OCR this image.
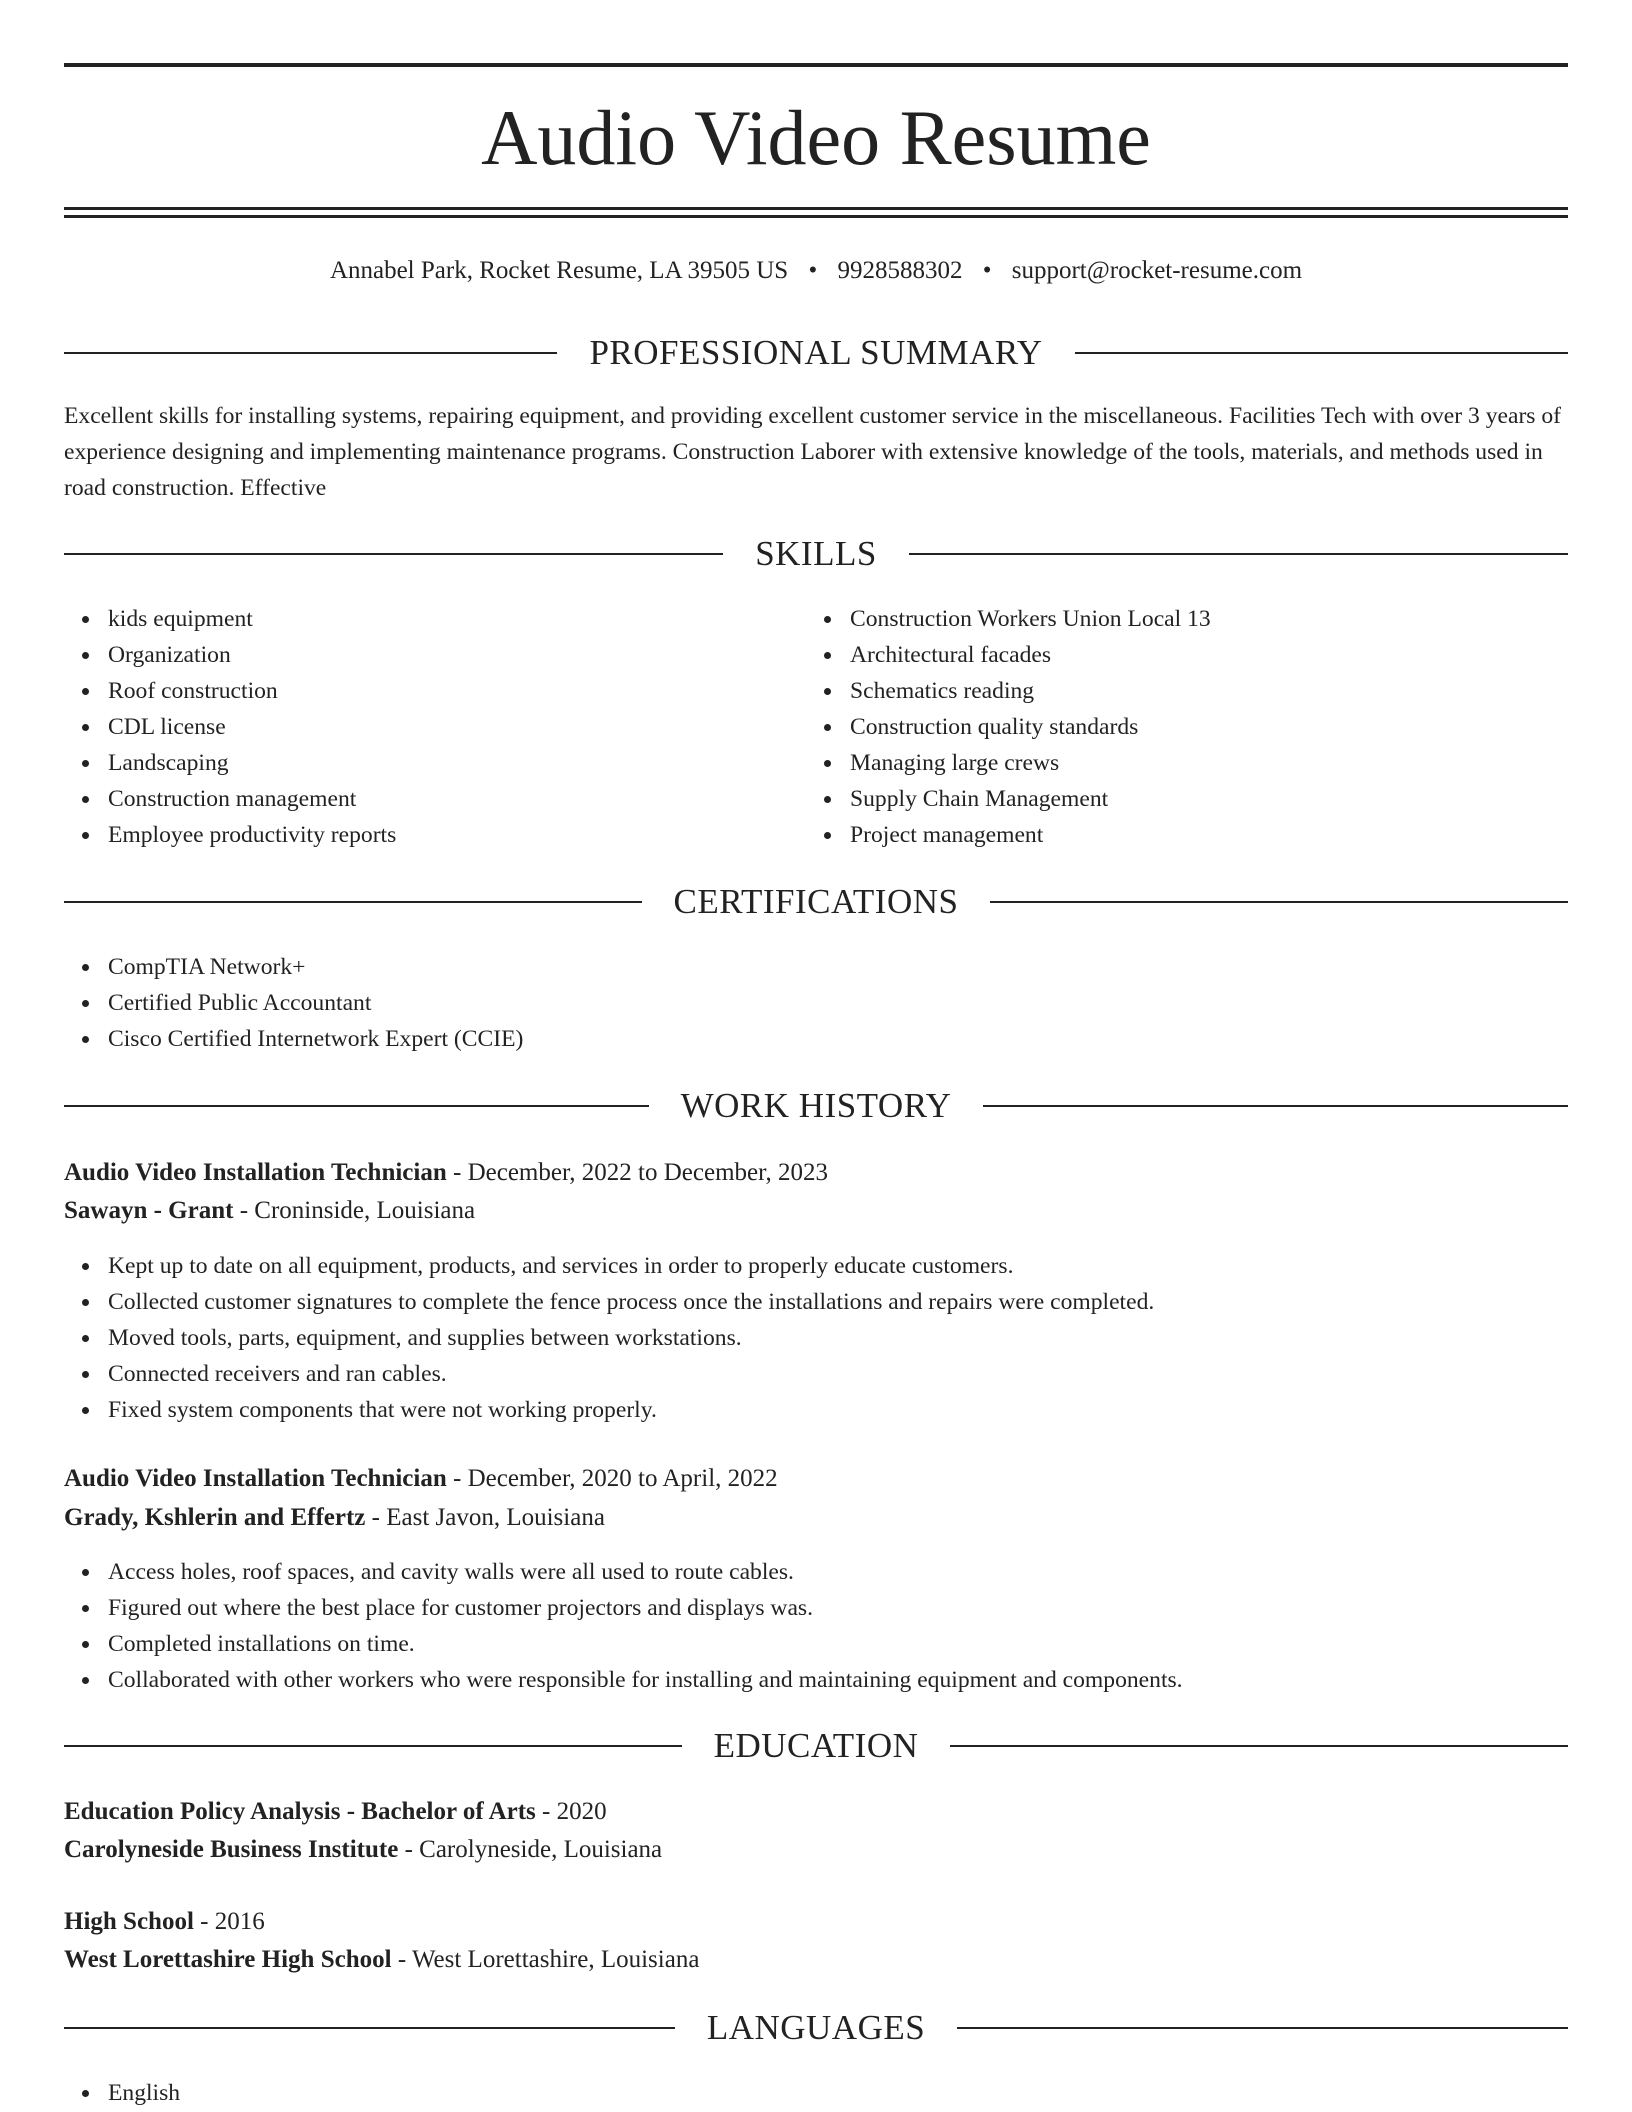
Audio Video Resume
Annabel Park, Rocket Resume, LA 39505 US • 9928588302 • support@rocket-resume.com
PROFESSIONAL SUMMARY

Excellent skills for installing systems, repairing equipment, and providing excellent customer service in the miscellaneous. Facilities Tech with over 3 years of experience designing and implementing maintenance programs. Construction Laborer with extensive knowledge of the tools, materials, and methods used in road construction. Effective

SKILLS
kids equipment
Organization
Roof construction
CDL license
Landscaping
Construction management
Employee productivity reports
Construction Workers Union Local 13
Architectural facades
Schematics reading
Construction quality standards
Managing large crews
Supply Chain Management
Project management
CERTIFICATIONS
CompTIA Network+
Certified Public Accountant
Cisco Certified Internetwork Expert (CCIE)
WORK HISTORY
Audio Video Installation Technician - December, 2022 to December, 2023
Sawayn - Grant - Croninside, Louisiana
Kept up to date on all equipment, products, and services in order to properly educate customers.
Collected customer signatures to complete the fence process once the installations and repairs were completed.
Moved tools, parts, equipment, and supplies between workstations.
Connected receivers and ran cables.
Fixed system components that were not working properly.
Audio Video Installation Technician - December, 2020 to April, 2022
Grady, Kshlerin and Effertz - East Javon, Louisiana
Access holes, roof spaces, and cavity walls were all used to route cables.
Figured out where the best place for customer projectors and displays was.
Completed installations on time.
Collaborated with other workers who were responsible for installing and maintaining equipment and components.
EDUCATION
Education Policy Analysis - Bachelor of Arts - 2020
Carolyneside Business Institute - Carolyneside, Louisiana
High School - 2016
West Lorettashire High School - West Lorettashire, Louisiana
LANGUAGES
English
